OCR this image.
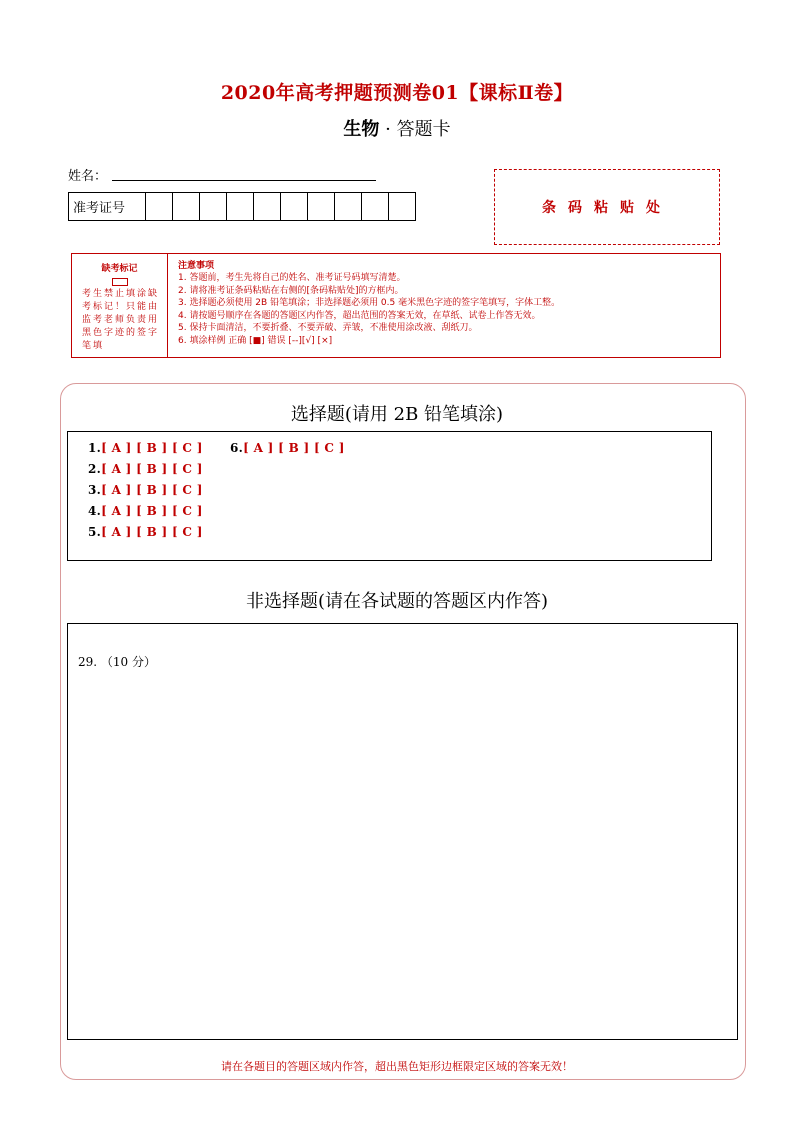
2020年高考押题预测卷01【课标Ⅱ卷】
生物 · 答题卡
姓名：
准考证号											条码粘贴处
缺考标记
考生禁止填涂缺考标记！只能由监考老师负责用黑色字迹的签字笔填
注意事项
1. 答题前，考生先将自己的姓名、准考证号码填写清楚。
2. 请将准考证条码粘贴在右侧的[条码粘贴处]的方框内。
3. 选择题必须使用 2B 铅笔填涂；非选择题必须用 0.5 毫米黑色字迹的签字笔填写，字体工整。
4. 请按题号顺序在各题的答题区内作答，超出范围的答案无效，在草纸、试卷上作答无效。
5. 保持卡面清洁，不要折叠、不要弄破、弄皱，不准使用涂改液、刮纸刀。
6. 填涂样例 正确 [■] 错误 [--][√] [×]
选择题(请用 2B 铅笔填涂)
1.[ A ] [ B ] [ C ]
2.[ A ] [ B ] [ C ]
3.[ A ] [ B ] [ C ]
4.[ A ] [ B ] [ C ]
5.[ A ] [ B ] [ C ]
6.[ A ] [ B ] [ C ]
非选择题(请在各试题的答题区内作答)
29. （10 分）
请在各题目的答题区域内作答，超出黑色矩形边框限定区域的答案无效！
